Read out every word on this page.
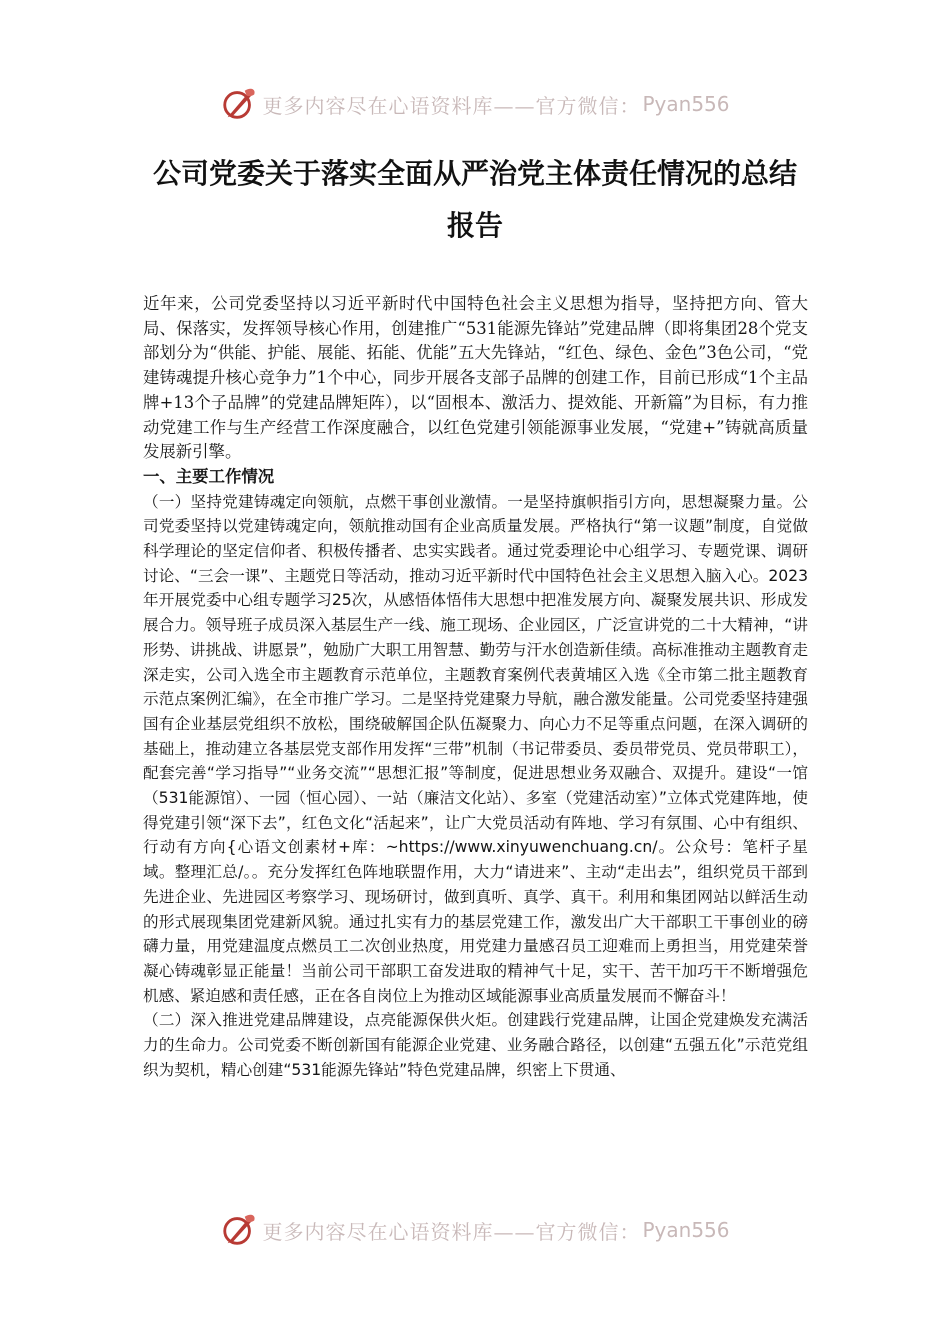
更多内容尽在心语资料库——官方微信： Pyan556
公司党委关于落实全面从严治党主体责任情况的总结报告

近年来，公司党委坚持以习近平新时代中国特色社会主义思想为指导，坚持把方向、管大局、保落实，发挥领导核心作用，创建推广“531能源先锋站”党建品牌（即将集团28个党支部划分为“供能、护能、展能、拓能、优能”五大先锋站，“红色、绿色、金色”3色公司，“党建铸魂提升核心竞争力”1个中心，同步开展各支部子品牌的创建工作，目前已形成“1个主品牌+13个子品牌”的党建品牌矩阵），以“固根本、激活力、提效能、开新篇”为目标，有力推动党建工作与生产经营工作深度融合，以红色党建引领能源事业发展，“党建+”铸就高质量发展新引擎。

一、主要工作情况

（一）坚持党建铸魂定向领航，点燃干事创业激情。一是坚持旗帜指引方向，思想凝聚力量。公司党委坚持以党建铸魂定向，领航推动国有企业高质量发展。严格执行“第一议题”制度，自觉做科学理论的坚定信仰者、积极传播者、忠实实践者。通过党委理论中心组学习、专题党课、调研讨论、“三会一课”、主题党日等活动，推动习近平新时代中国特色社会主义思想入脑入心。2023年开展党委中心组专题学习25次，从感悟体悟伟大思想中把准发展方向、凝聚发展共识、形成发展合力。领导班子成员深入基层生产一线、施工现场、企业园区，广泛宣讲党的二十大精神，“讲形势、讲挑战、讲愿景”，勉励广大职工用智慧、勤劳与汗水创造新佳绩。高标准推动主题教育走深走实，公司入选全市主题教育示范单位，主题教育案例代表黄埔区入选《全市第二批主题教育示范点案例汇编》，在全市推广学习。二是坚持党建聚力导航，融合激发能量。公司党委坚持建强国有企业基层党组织不放松，围绕破解国企队伍凝聚力、向心力不足等重点问题，在深入调研的基础上，推动建立各基层党支部作用发挥“三带”机制（书记带委员、委员带党员、党员带职工），配套完善“学习指导”“业务交流”“思想汇报”等制度，促进思想业务双融合、双提升。建设“一馆（531能源馆）、一园（恒心园）、一站（廉洁文化站）、多室（党建活动室）”立体式党建阵地，使得党建引领“深下去”，红色文化“活起来”，让广大党员活动有阵地、学习有氛围、心中有组织、行动有方向{心语文创素材+库：~https://www.xinyuwenchuang.cn/。公众号：笔杆子星域。整理汇总/。。充分发挥红色阵地联盟作用，大力“请进来”、主动“走出去”，组织党员干部到先进企业、先进园区考察学习、现场研讨，做到真听、真学、真干。利用和集团网站以鲜活生动的形式展现集团党建新风貌。通过扎实有力的基层党建工作，激发出广大干部职工干事创业的磅礴力量，用党建温度点燃员工二次创业热度，用党建力量感召员工迎难而上勇担当，用党建荣誉凝心铸魂彰显正能量！当前公司干部职工奋发进取的精神气十足，实干、苦干加巧干不断增强危机感、紧迫感和责任感，正在各自岗位上为推动区域能源事业高质量发展而不懈奋斗！

（二）深入推进党建品牌建设，点亮能源保供火炬。创建践行党建品牌，让国企党建焕发充满活力的生命力。公司党委不断创新国有能源企业党建、业务融合路径，以创建“五强五化”示范党组织为契机，精心创建“531能源先锋站”特色党建品牌，织密上下贯通、

更多内容尽在心语资料库——官方微信： Pyan556
